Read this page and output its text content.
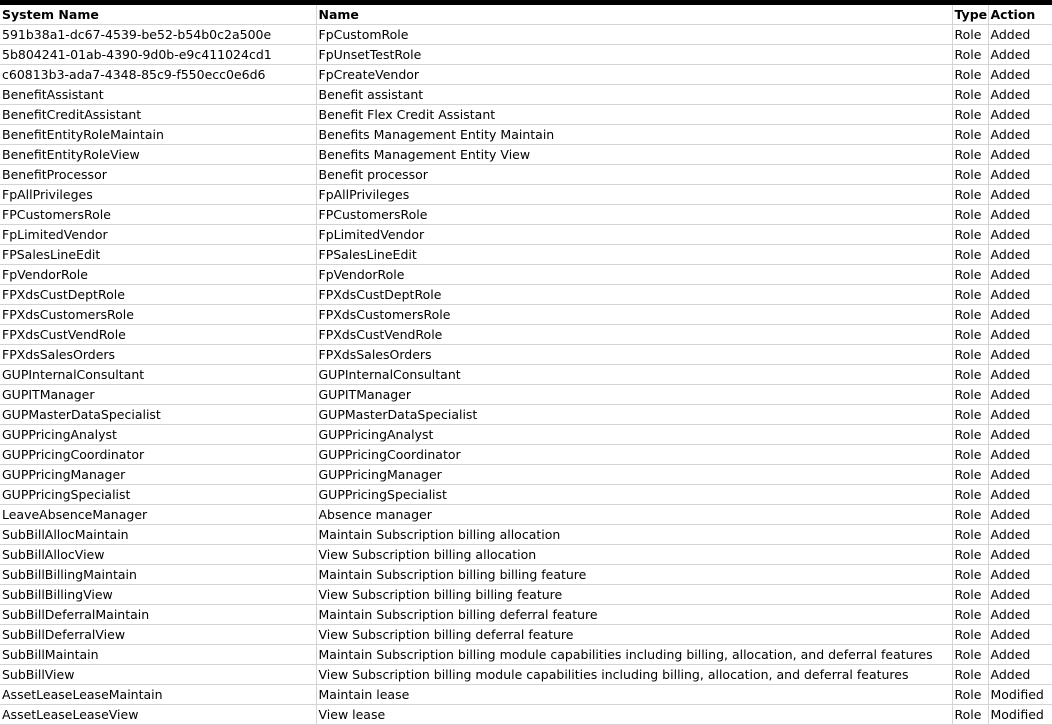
System Name	Name	Type	Action
591b38a1-dc67-4539-be52-b54b0c2a500e	FpCustomRole	Role	Added
5b804241-01ab-4390-9d0b-e9c411024cd1	FpUnsetTestRole	Role	Added
c60813b3-ada7-4348-85c9-f550ecc0e6d6	FpCreateVendor	Role	Added
BenefitAssistant	Benefit assistant	Role	Added
BenefitCreditAssistant	Benefit Flex Credit Assistant	Role	Added
BenefitEntityRoleMaintain	Benefits Management Entity Maintain	Role	Added
BenefitEntityRoleView	Benefits Management Entity View	Role	Added
BenefitProcessor	Benefit processor	Role	Added
FpAllPrivileges	FpAllPrivileges	Role	Added
FPCustomersRole	FPCustomersRole	Role	Added
FpLimitedVendor	FpLimitedVendor	Role	Added
FPSalesLineEdit	FPSalesLineEdit	Role	Added
FpVendorRole	FpVendorRole	Role	Added
FPXdsCustDeptRole	FPXdsCustDeptRole	Role	Added
FPXdsCustomersRole	FPXdsCustomersRole	Role	Added
FPXdsCustVendRole	FPXdsCustVendRole	Role	Added
FPXdsSalesOrders	FPXdsSalesOrders	Role	Added
GUPInternalConsultant	GUPInternalConsultant	Role	Added
GUPITManager	GUPITManager	Role	Added
GUPMasterDataSpecialist	GUPMasterDataSpecialist	Role	Added
GUPPricingAnalyst	GUPPricingAnalyst	Role	Added
GUPPricingCoordinator	GUPPricingCoordinator	Role	Added
GUPPricingManager	GUPPricingManager	Role	Added
GUPPricingSpecialist	GUPPricingSpecialist	Role	Added
LeaveAbsenceManager	Absence manager	Role	Added
SubBillAllocMaintain	Maintain Subscription billing allocation	Role	Added
SubBillAllocView	View Subscription billing allocation	Role	Added
SubBillBillingMaintain	Maintain Subscription billing billing feature	Role	Added
SubBillBillingView	View Subscription billing billing feature	Role	Added
SubBillDeferralMaintain	Maintain Subscription billing deferral feature	Role	Added
SubBillDeferralView	View Subscription billing deferral feature	Role	Added
SubBillMaintain	Maintain Subscription billing module capabilities including billing, allocation, and deferral features	Role	Added
SubBillView	View Subscription billing module capabilities including billing, allocation, and deferral features	Role	Added
AssetLeaseLeaseMaintain	Maintain lease	Role	Modified
AssetLeaseLeaseView	View lease	Role	Modified
